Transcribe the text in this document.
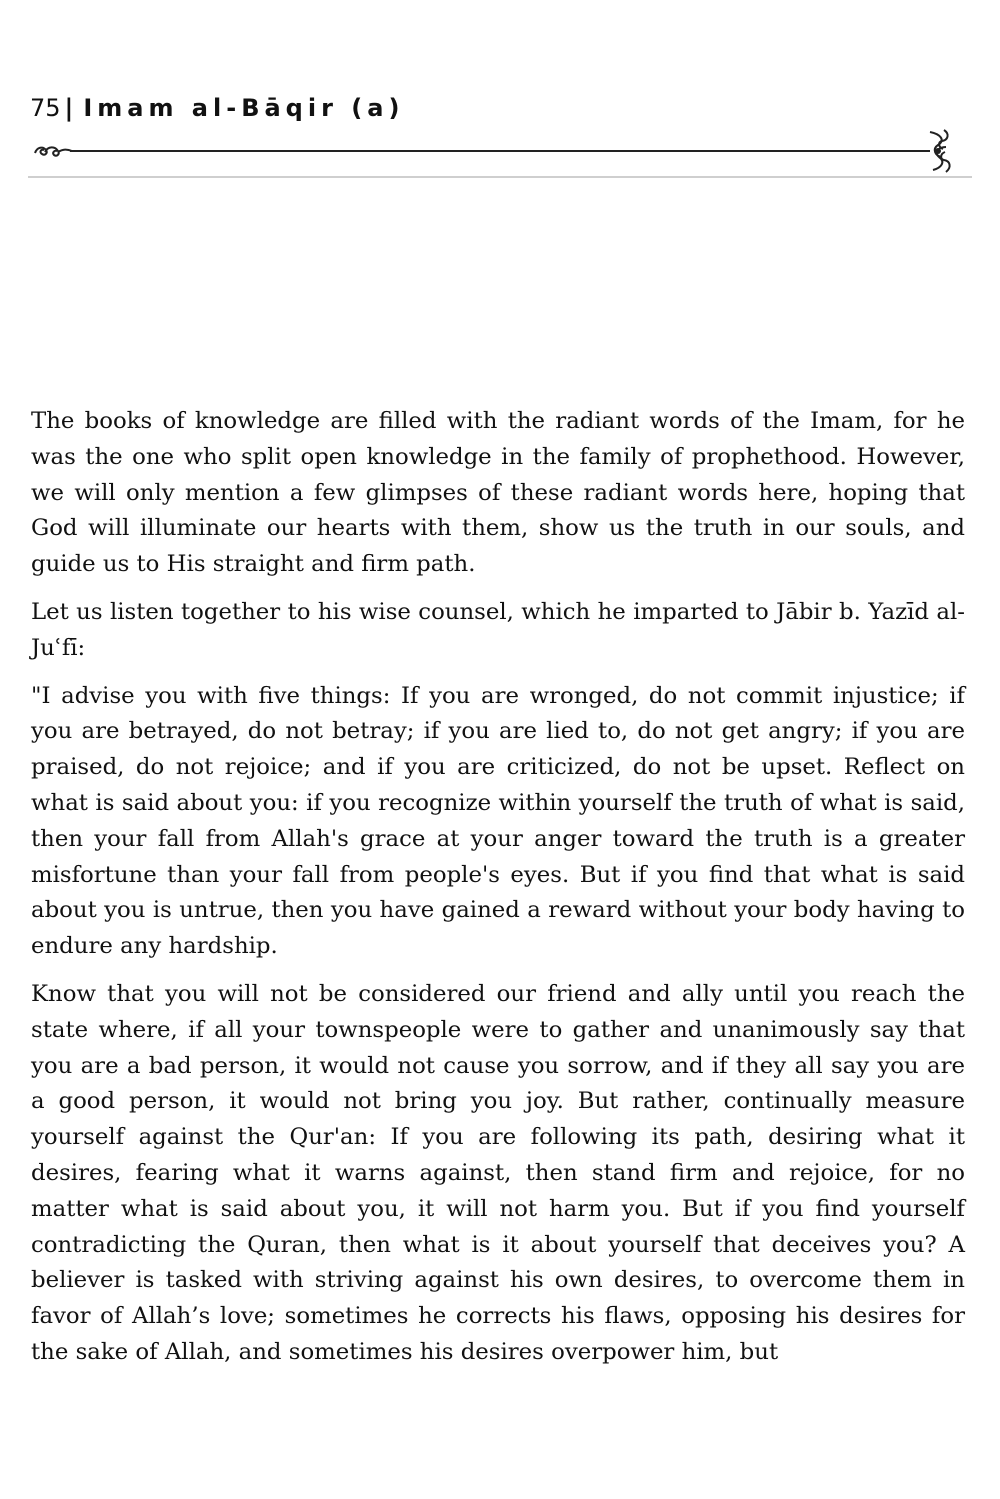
75 | Imam al-Bāqir (a)

The books of knowledge are filled with the radiant words of the Imam, for he was the one who split open knowledge in the family of prophethood. However, we will only mention a few glimpses of these radiant words here, hoping that God will illuminate our hearts with them, show us the truth in our souls, and guide us to His straight and firm path.

Let us listen together to his wise counsel, which he imparted to Jābir b. Yazīd al-Juʿfī:

"I advise you with five things: If you are wronged, do not commit injustice; if you are betrayed, do not betray; if you are lied to, do not get angry; if you are praised, do not rejoice; and if you are criticized, do not be upset. Reflect on what is said about you: if you recognize within yourself the truth of what is said, then your fall from Allah's grace at your anger toward the truth is a greater misfortune than your fall from people's eyes. But if you find that what is said about you is untrue, then you have gained a reward without your body having to endure any hardship.

Know that you will not be considered our friend and ally until you reach the state where, if all your townspeople were to gather and unanimously say that you are a bad person, it would not cause you sorrow, and if they all say you are a good person, it would not bring you joy. But rather, continually measure yourself against the Qur'an: If you are following its path, desiring what it desires, fearing what it warns against, then stand firm and rejoice, for no matter what is said about you, it will not harm you. But if you find yourself contradicting the Quran, then what is it about yourself that deceives you? A believer is tasked with striving against his own desires, to overcome them in favor of Allah’s love; sometimes he corrects his flaws, opposing his desires for the sake of Allah, and sometimes his desires overpower him, but
